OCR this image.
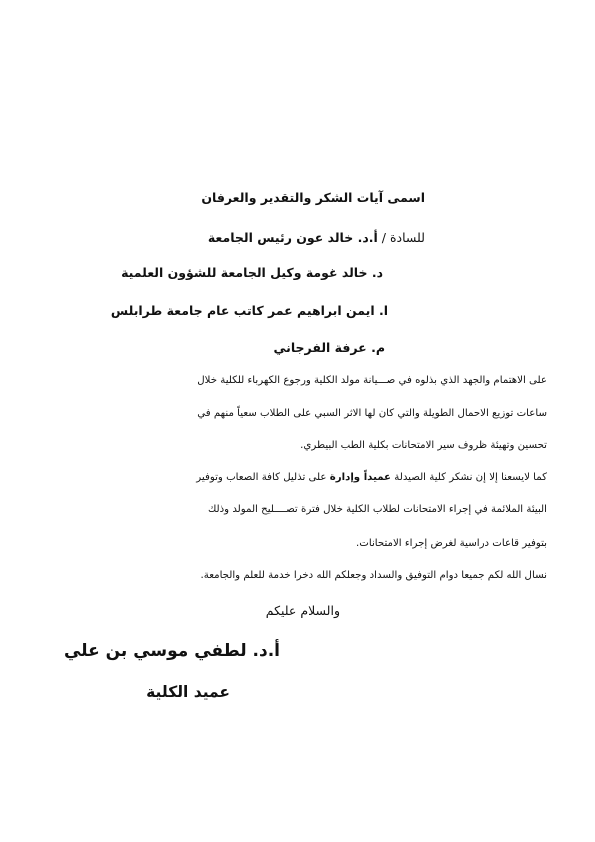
اسمى آيات الشكر والتقدير والعرفان

للسادة / أ.د. خالد عون رئيس الجامعة

د. خالد غومة وكيل الجامعة للشؤون العلمية

ا. ايمن ابراهيم عمر كاتب عام جامعة طرابلس

م. عرفة الفرجاني

على الاهتمام والجهد الذي بذلوه في صـــيانة مولد الكلية ورجوع الكهرباء للكلية خلال

ساعات توزيع الاحمال الطويلة والتي كان لها الاثر السبي على الطلاب سعياً منهم في

تحسين وتهيئة ظروف سير الامتحانات بكلية الطب البيطري.

كما لايسعنا إلا إن نشكر كلية الصيدلة عميداً وإدارة على تذليل كافة الصعاب وتوفير

البيئة الملائمة في إجراء الامتحانات لطلاب الكلية خلال فترة تصــــليح المولد وذلك

بتوفير قاعات دراسية لغرض إجراء الامتحانات.

نسال الله لكم جميعا دوام التوفيق والسداد وجعلكم الله دخرا خدمة للعلم والجامعة.

والسلام عليكم

أ.د. لطفي موسي بن علي

عميد الكلية
